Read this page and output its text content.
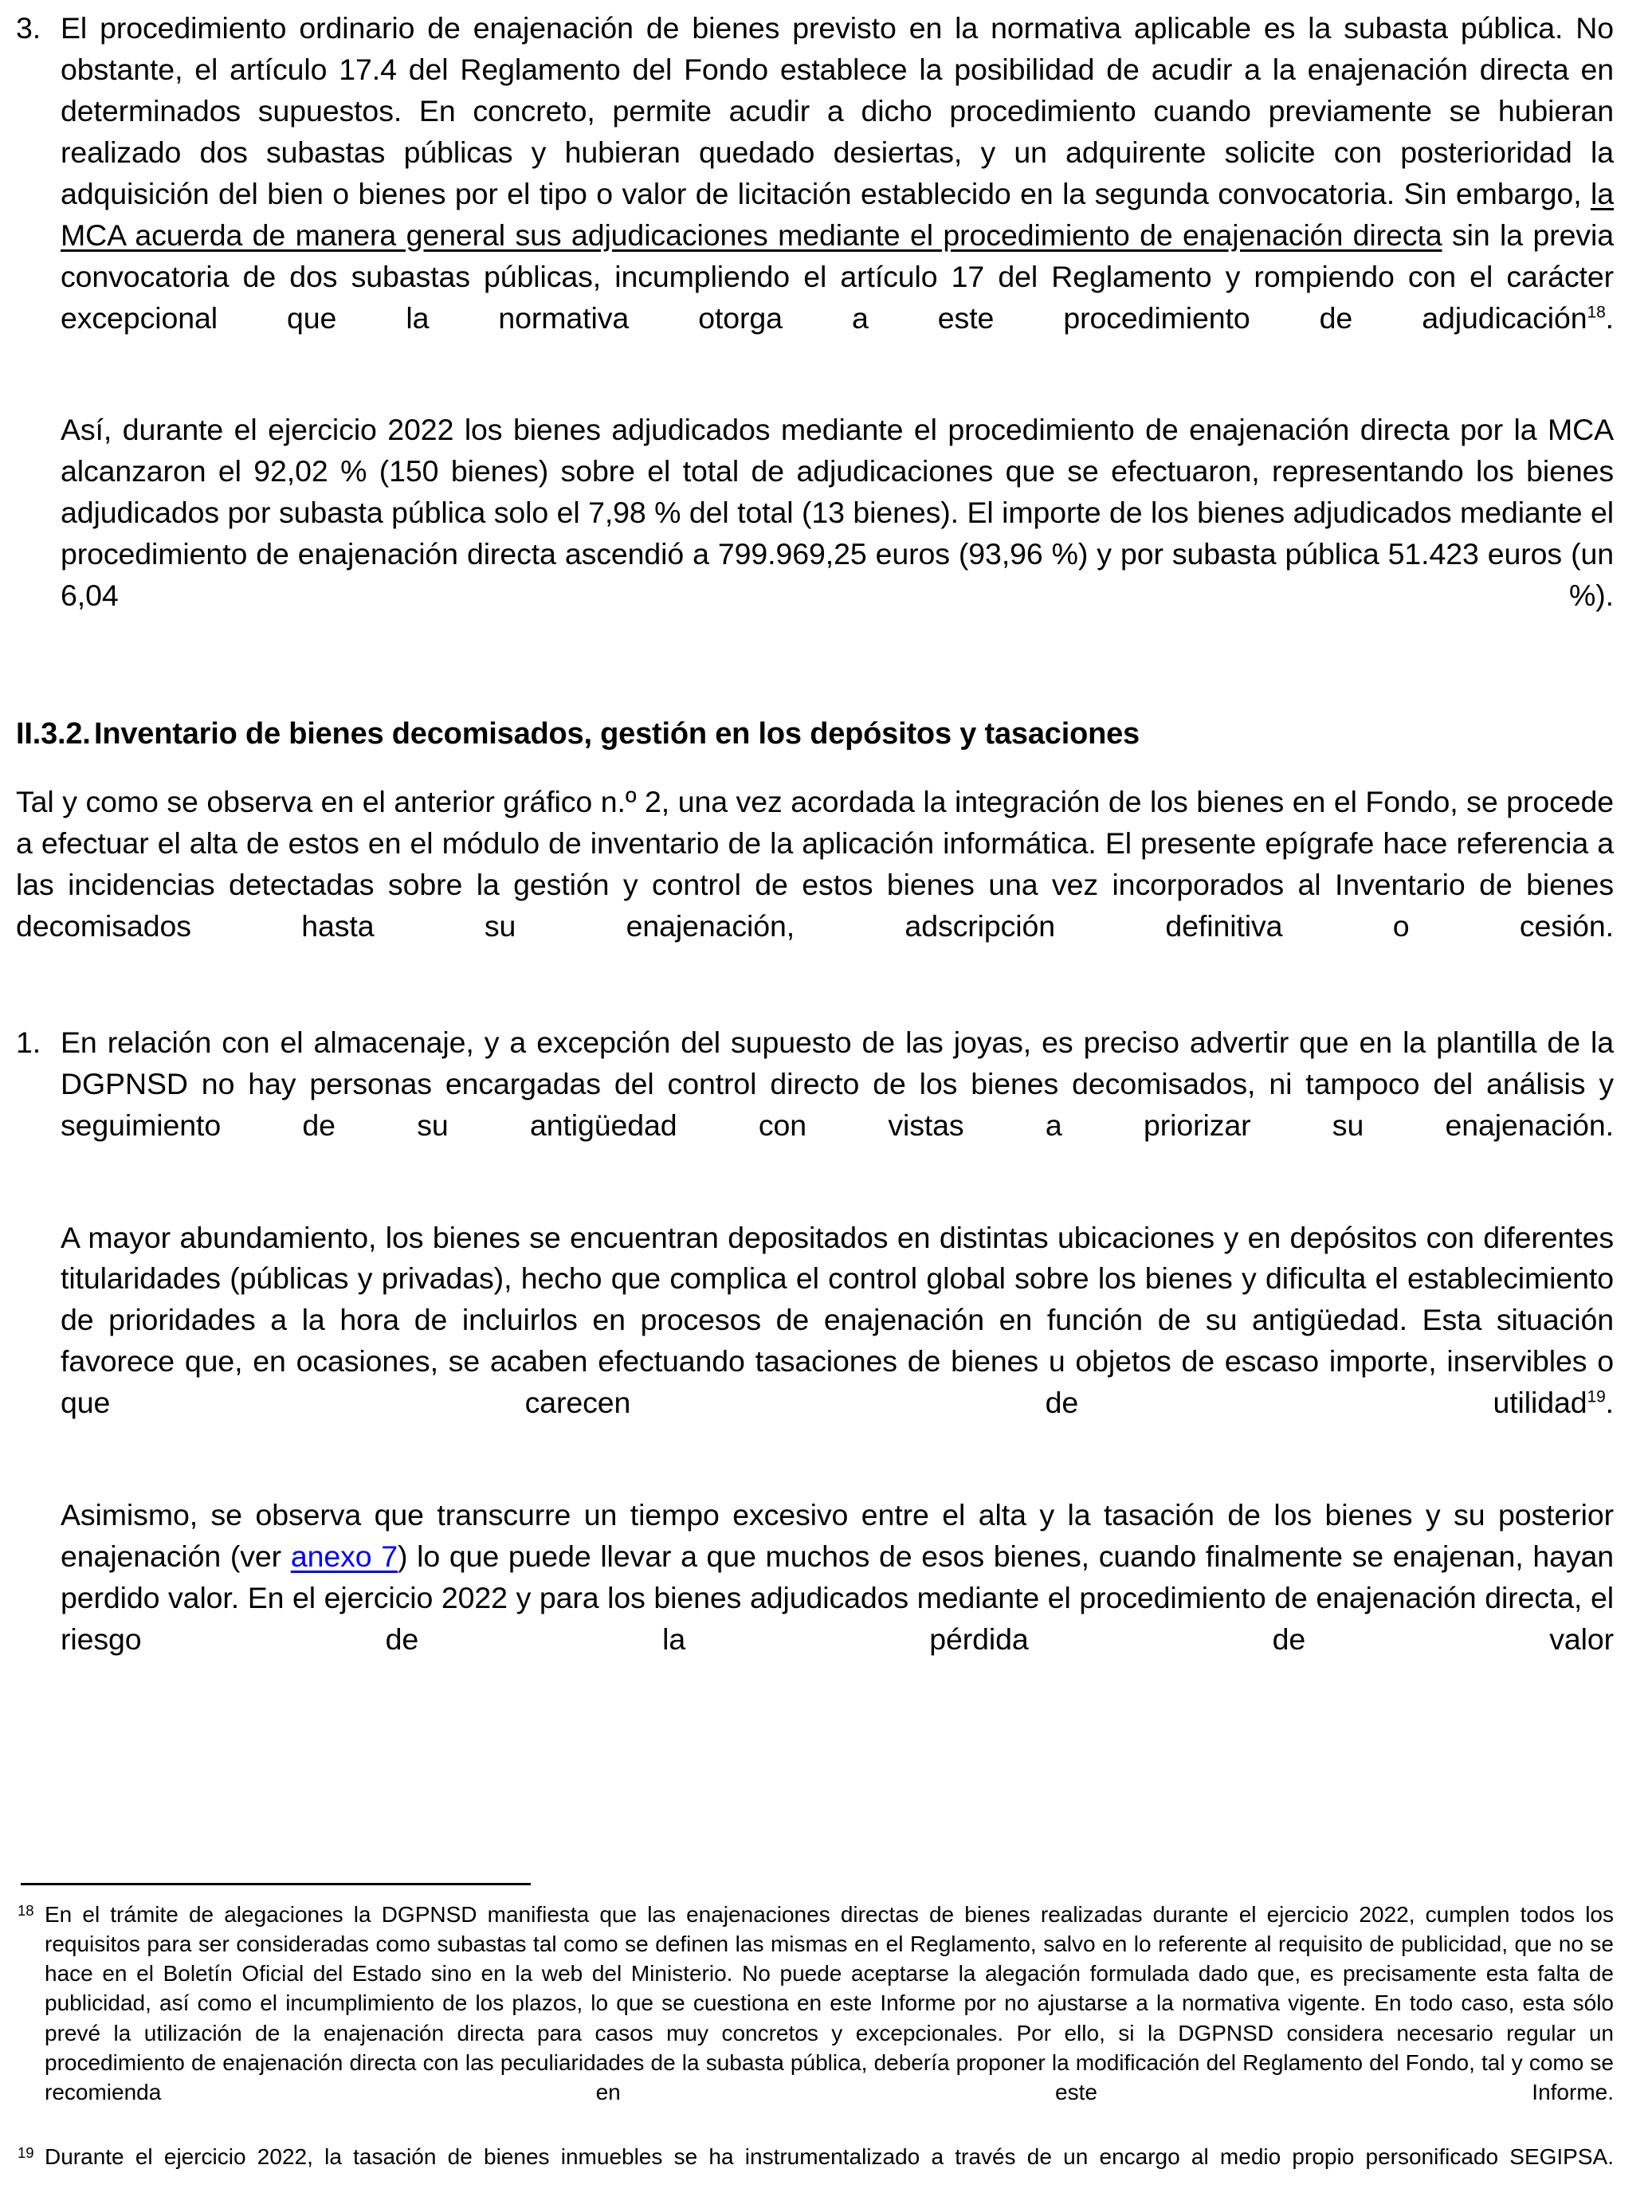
3. El procedimiento ordinario de enajenación de bienes previsto en la normativa aplicable es la subasta pública. No obstante, el artículo 17.4 del Reglamento del Fondo establece la posibilidad de acudir a la enajenación directa en determinados supuestos. En concreto, permite acudir a dicho procedimiento cuando previamente se hubieran realizado dos subastas públicas y hubieran quedado desiertas, y un adquirente solicite con posterioridad la adquisición del bien o bienes por el tipo o valor de licitación establecido en la segunda convocatoria. Sin embargo, la MCA acuerda de manera general sus adjudicaciones mediante el procedimiento de enajenación directa sin la previa convocatoria de dos subastas públicas, incumpliendo el artículo 17 del Reglamento y rompiendo con el carácter excepcional que la normativa otorga a este procedimiento de adjudicación$^{18}$.

Así, durante el ejercicio 2022 los bienes adjudicados mediante el procedimiento de enajenación directa por la MCA alcanzaron el 92,02 % (150 bienes) sobre el total de adjudicaciones que se efectuaron, representando los bienes adjudicados por subasta pública solo el 7,98 % del total (13 bienes). El importe de los bienes adjudicados mediante el procedimiento de enajenación directa ascendió a 799.969,25 euros (93,96 %) y por subasta pública 51.423 euros (un 6,04 %).

II.3.2. Inventario de bienes decomisados, gestión en los depósitos y tasaciones

Tal y como se observa en el anterior gráfico n.º 2, una vez acordada la integración de los bienes en el Fondo, se procede a efectuar el alta de estos en el módulo de inventario de la aplicación informática. El presente epígrafe hace referencia a las incidencias detectadas sobre la gestión y control de estos bienes una vez incorporados al Inventario de bienes decomisados hasta su enajenación, adscripción definitiva o cesión.

1. En relación con el almacenaje, y a excepción del supuesto de las joyas, es preciso advertir que en la plantilla de la DGPNSD no hay personas encargadas del control directo de los bienes decomisados, ni tampoco del análisis y seguimiento de su antigüedad con vistas a priorizar su enajenación.

A mayor abundamiento, los bienes se encuentran depositados en distintas ubicaciones y en depósitos con diferentes titularidades (públicas y privadas), hecho que complica el control global sobre los bienes y dificulta el establecimiento de prioridades a la hora de incluirlos en procesos de enajenación en función de su antigüedad. Esta situación favorece que, en ocasiones, se acaben efectuando tasaciones de bienes u objetos de escaso importe, inservibles o que carecen de utilidad$^{19}$.

Asimismo, se observa que transcurre un tiempo excesivo entre el alta y la tasación de los bienes y su posterior enajenación (ver anexo 7) lo que puede llevar a que muchos de esos bienes, cuando finalmente se enajenan, hayan perdido valor. En el ejercicio 2022 y para los bienes adjudicados mediante el procedimiento de enajenación directa, el riesgo de la pérdida de valor

18 En el trámite de alegaciones la DGPNSD manifiesta que las enajenaciones directas de bienes realizadas durante el ejercicio 2022, cumplen todos los requisitos para ser consideradas como subastas tal como se definen las mismas en el Reglamento, salvo en lo referente al requisito de publicidad, que no se hace en el Boletín Oficial del Estado sino en la web del Ministerio. No puede aceptarse la alegación formulada dado que, es precisamente esta falta de publicidad, así como el incumplimiento de los plazos, lo que se cuestiona en este Informe por no ajustarse a la normativa vigente. En todo caso, esta sólo prevé la utilización de la enajenación directa para casos muy concretos y excepcionales. Por ello, si la DGPNSD considera necesario regular un procedimiento de enajenación directa con las peculiaridades de la subasta pública, debería proponer la modificación del Reglamento del Fondo, tal y como se recomienda en este Informe.
19 Durante el ejercicio 2022, la tasación de bienes inmuebles se ha instrumentalizado a través de un encargo al medio propio personificado SEGIPSA.
